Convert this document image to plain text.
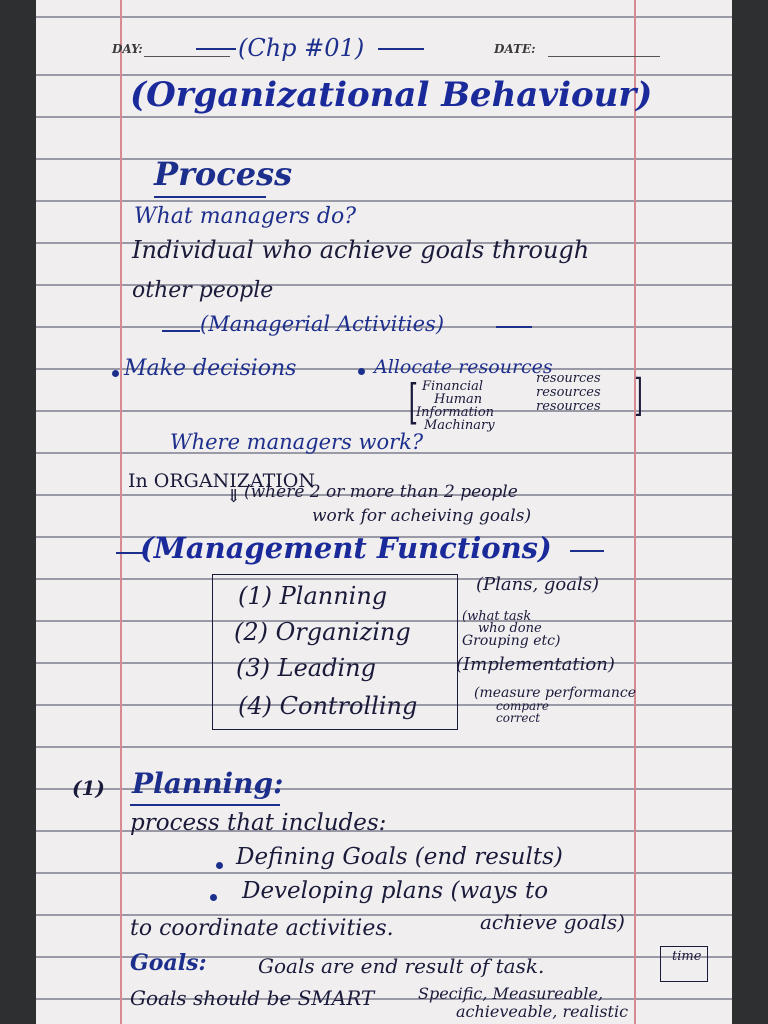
DAY:	DATE:
(Chp #01)
(Organizational Behaviour)
Process
What managers do?
Individual who achieve goals through
other people
(Managerial Activities)
Make decisions	Allocate resources
[ Financial
Human
Information
Machinary
resources
resources
resources ]
Where managers work?
In ORGANIZATION
⇓ (where 2 or more than 2 people
work for acheiving goals)
(Management Functions)
(1) Planning
(2) Organizing
(3) Leading
(4) Controlling
(Plans, goals)
(what task
who done
Grouping etc)
(Implementation)
(measure performance
compare
correct
(1) Planning:
process that includes:
Defining Goals (end results)
Developing plans (ways to
achieve goals)
to coordinate activities.
Goals:	Goals are end result of task.	time
Goals should be SMART	Specific, Measureable,
achieveable, realistic
